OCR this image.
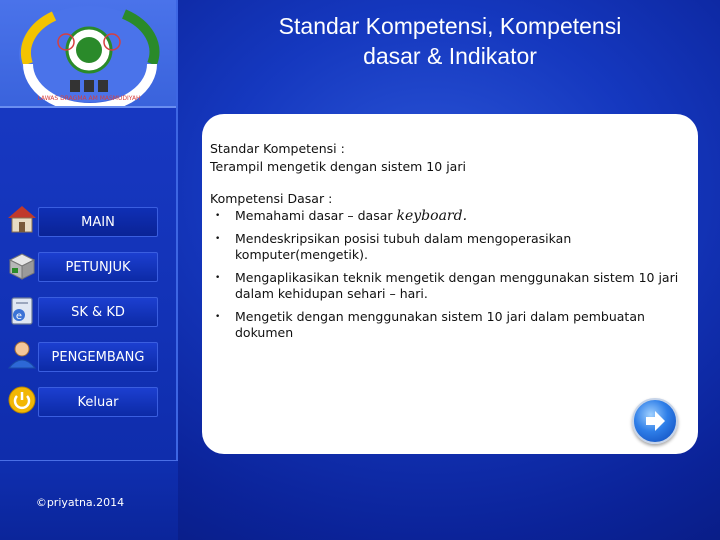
LAWAS DRAGMA AM MASMUDIYAH
Standar Kompetensi, Kompetensi
dasar & Indikator
MAIN
PETUNJUK
SK & KD
e
PENGEMBANG
Keluar
©priyatna.2014
Standar Kompetensi :
Terampil mengetik dengan sistem 10 jari
Kompetensi Dasar :
• Memahami dasar – dasar keyboard.
• Mendeskripsikan posisi tubuh dalam mengoperasikan komputer(mengetik).
• Mengaplikasikan teknik mengetik dengan menggunakan sistem 10 jari dalam kehidupan sehari – hari.
• Mengetik dengan menggunakan sistem 10 jari dalam pembuatan dokumen
